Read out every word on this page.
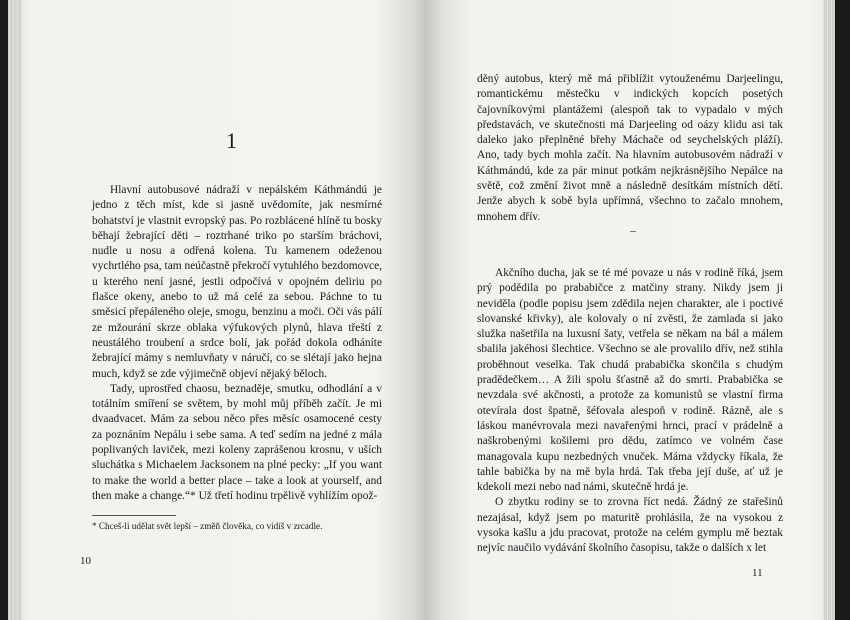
1

Hlavní autobusové nádraží v nepálském Káthmándú je jedno z těch míst, kde si jasně uvědomíte, jak nesmírné bohatství je vlastnit evropský pas. Po rozblácené hlíně tu bosky běhají žebrající děti – roztrhané triko po starším bráchovi, nudle u nosu a odřená kolena. Tu kamenem odeženou vychrtlého psa, tam neúčastně překročí vytuhlého bezdomovce, u kterého není jasné, jestli odpočívá v opojném deliriu po flašce okeny, anebo to už má celé za sebou. Páchne to tu směsicí přepáleného oleje, smogu, benzinu a moči. Oči vás pálí ze mžourání skrze oblaka výfukových plynů, hlava třeští z neustálého troubení a srdce bolí, jak pořád dokola odháníte žebrající mámy s nemluvňaty v náručí, co se slétají jako hejna much, když se zde výjimečně objeví nějaký běloch.

Tady, uprostřed chaosu, beznaděje, smutku, odhodlání a v totálním smíření se světem, by mohl můj příběh začít. Je mi dvaadvacet. Mám za sebou něco přes měsíc osamocené cesty za poznáním Nepálu i sebe sama. A teď sedím na jedné z mála poplivaných laviček, mezi koleny zaprášenou krosnu, v uších sluchátka s Michaelem Jacksonem na plné pecky: „If you want to make the world a better place – take a look at yourself, and then make a change.“* Už třetí hodinu trpělivě vyhlížím opož-

* Chceš-li udělat svět lepší – změň člověka, co vidíš v zrcadle.
10

děný autobus, který mě má přiblížit vytouženému Darjeelingu, romantickému městečku v indických kopcích posetých čajovníkovými plantážemi (alespoň tak to vypadalo v mých představách, ve skutečnosti má Darjeeling od oázy klidu asi tak daleko jako přeplněné břehy Máchače od seychelských pláží). Ano, tady bych mohla začít. Na hlavním autobusovém nádraží v Káthmándú, kde za pár minut potkám nejkrásnějšího Nepálce na světě, což změní život mně a následně desítkám místních dětí. Jenže abych k sobě byla upřímná, všechno to začalo mnohem, mnohem dřív.

Akčního ducha, jak se té mé povaze u nás v rodině říká, jsem prý podědila po prababičce z matčiny strany. Nikdy jsem ji neviděla (podle popisu jsem zdědila nejen charakter, ale i poctivé slovanské křivky), ale kolovaly o ní zvěsti, že zamlada si jako služka našetřila na luxusní šaty, vetřela se někam na bál a málem sbalila jakéhosi šlechtice. Všechno se ale provalilo dřív, než stihla proběhnout veselka. Tak chudá prababička skončila s chudým pradědečkem… A žili spolu šťastně až do smrti. Prababička se nevzdala své akčnosti, a protože za komunistů se vlastní firma otevírala dost špatně, šéfovala alespoň v rodině. Rázně, ale s láskou manévrovala mezi navařenými hrnci, prací v prádelně a naškrobenými košilemi pro dědu, zatímco ve volném čase managovala kupu nezbedných vnuček. Máma vždycky říkala, že tahle babička by na mě byla hrdá. Tak třeba její duše, ať už je kdekoli mezi nebo nad námi, skutečně hrdá je.

O zbytku rodiny se to zrovna říct nedá. Žádný ze stařešinů nezajásal, když jsem po maturitě prohlásila, že na vysokou z vysoka kašlu a jdu pracovat, protože na celém gymplu mě beztak nejvíc naučilo vydávání školního časopisu, takže o dalších x let

11
